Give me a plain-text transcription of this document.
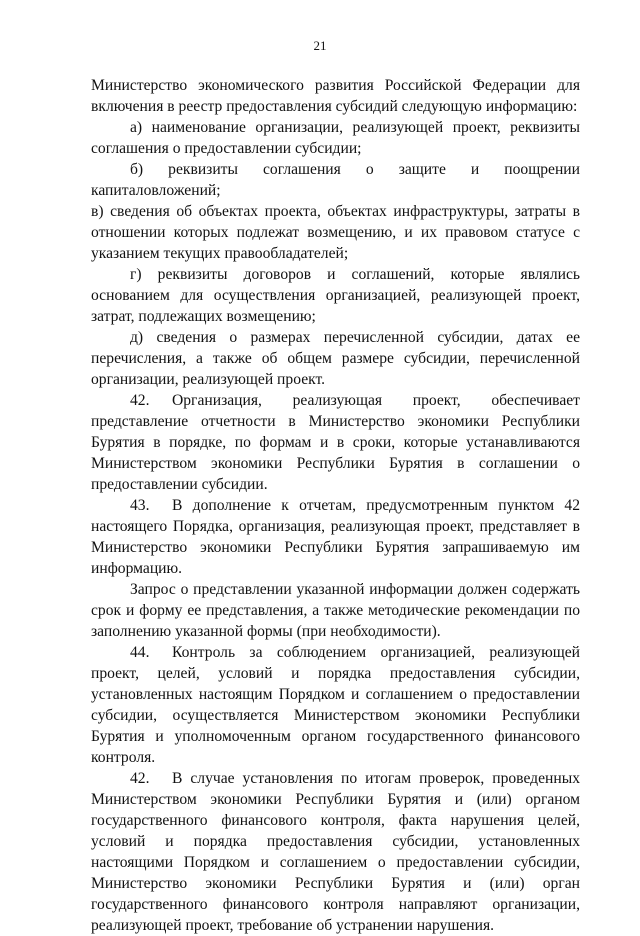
21

Министерство экономического развития Российской Федерации для включения в реестр предоставления субсидий следующую информацию:

а) наименование организации, реализующей проект, реквизиты соглашения о предоставлении субсидии;

б) реквизиты соглашения о защите и поощрении капиталовложений;

в) сведения об объектах проекта, объектах инфраструктуры, затраты в отношении которых подлежат возмещению, и их правовом статусе с указанием текущих правообладателей;

г) реквизиты договоров и соглашений, которые являлись основанием для осуществления организацией, реализующей проект, затрат, подлежащих возмещению;

д) сведения о размерах перечисленной субсидии, датах ее перечисления, а также об общем размере субсидии, перечисленной организации, реализующей проект.

42. Организация, реализующая проект, обеспечивает представление отчетности в Министерство экономики Республики Бурятия в порядке, по формам и в сроки, которые устанавливаются Министерством экономики Республики Бурятия в соглашении о предоставлении субсидии.

43. В дополнение к отчетам, предусмотренным пунктом 42 настоящего Порядка, организация, реализующая проект, представляет в Министерство экономики Республики Бурятия запрашиваемую им информацию.

Запрос о представлении указанной информации должен содержать срок и форму ее представления, а также методические рекомендации по заполнению указанной формы (при необходимости).

44. Контроль за соблюдением организацией, реализующей проект, целей, условий и порядка предоставления субсидии, установленных настоящим Порядком и соглашением о предоставлении субсидии, осуществляется Министерством экономики Республики Бурятия и уполномоченным органом государственного финансового контроля.

42. В случае установления по итогам проверок, проведенных Министерством экономики Республики Бурятия и (или) органом государственного финансового контроля, факта нарушения целей, условий и порядка предоставления субсидии, установленных настоящими Порядком и соглашением о предоставлении субсидии, Министерство экономики Республики Бурятия и (или) орган государственного финансового контроля направляют организации, реализующей проект, требование об устранении нарушения.
